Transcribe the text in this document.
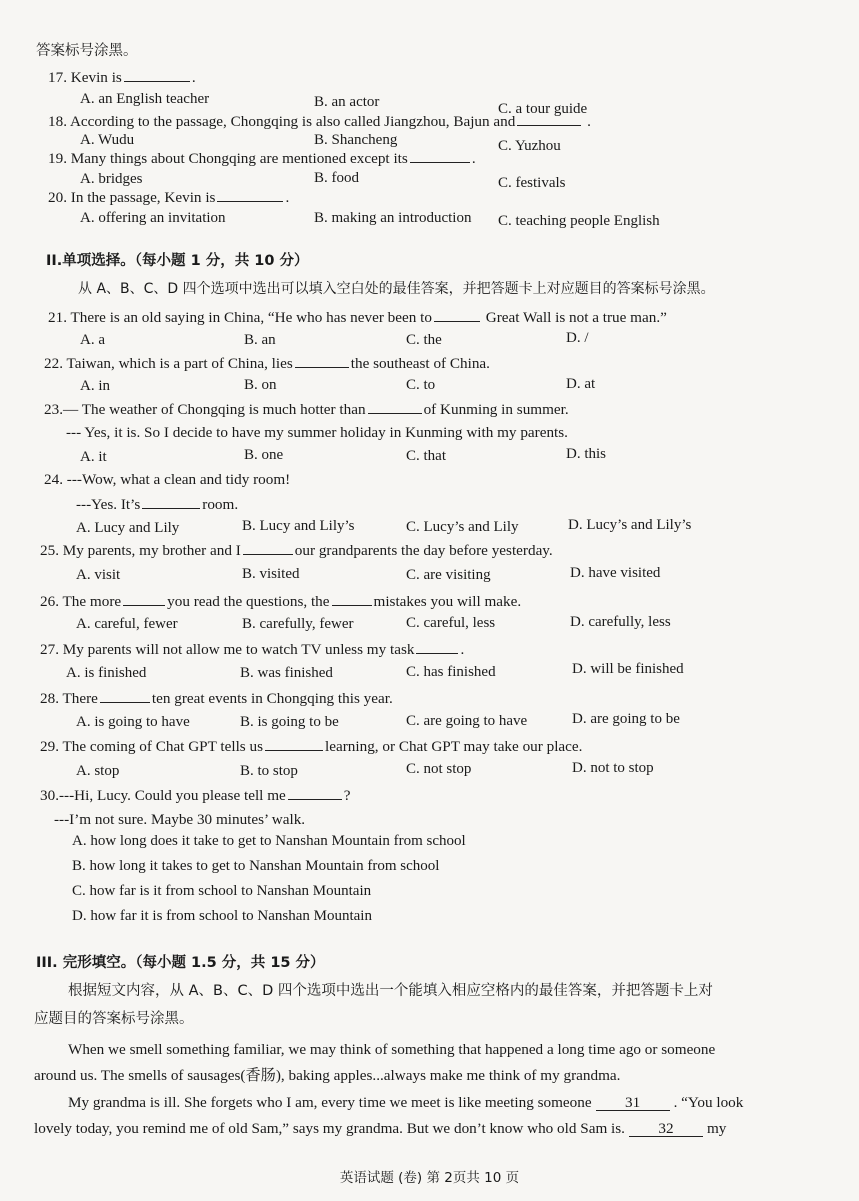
答案标号涂黑。
17. Kevin is	.
A. an English teacher	B. an actor	C. a tour guide
18. According to the passage, Chongqing is also called Jiangzhou, Bajun and	.
A. Wudu	B. Shancheng	C. Yuzhou
19. Many things about Chongqing are mentioned except its	.
A. bridges	B. food	C. festivals
20. In the passage, Kevin is	.
A. offering an invitation	B. making an introduction C. teaching people English
II.单项选择。（每小题 1 分，共 10 分）
从 A、B、C、D 四个选项中选出可以填入空白处的最佳答案，并把答题卡上对应题目的答案标号涂黑。
21. There is an old saying in China, “He who has never been to	Great Wall is not a true man.”
A. a	B. an	C. the	D. /
22. Taiwan, which is a part of China, lies	the southeast of China.
A. in	B. on	C. to	D. at
23.— The weather of Chongqing is much hotter than	of Kunming in summer.
--- Yes, it is. So I decide to have my summer holiday in Kunming with my parents.
A. it	B. one	C. that	D. this
24. ---Wow, what a clean and tidy room!
---Yes. It’s	room.
A. Lucy and Lily	B. Lucy and Lily’s	C. Lucy’s and Lily	D. Lucy’s and Lily’s
25. My parents, my brother and I	our grandparents the day before yesterday.
A. visit	B. visited	C. are visiting	D. have visited
26. The more	you read the questions, the	mistakes you will make.
A. careful, fewer	B. carefully, fewer	C. careful, less	D. carefully, less
27. My parents will not allow me to watch TV unless my task	.
A. is finished	B. was finished	C. has finished	D. will be finished
28. There	ten great events in Chongqing this year.
A. is going to have	B. is going to be	C. are going to have	D. are going to be
29. The coming of Chat GPT tells us	learning, or Chat GPT may take our place.
A. stop	B. to stop	C. not stop	D. not to stop
30.---Hi, Lucy. Could you please tell me	?
---I’m not sure. Maybe 30 minutes’ walk.
A. how long does it take to get to Nanshan Mountain from school
B. how long it takes to get to Nanshan Mountain from school
C. how far is it from school to Nanshan Mountain
D. how far it is from school to Nanshan Mountain
III. 完形填空。（每小题 1.5 分，共 15 分）
根据短文内容，从 A、B、C、D 四个选项中选出一个能填入相应空格内的最佳答案，并把答题卡上对
应题目的答案标号涂黑。
When we smell something familiar, we may think of something that happened a long time ago or someone
around us. The smells of sausages(香肠), baking apples...always make me think of my grandma.
My grandma is ill. She forgets who I am, every time we meet is like meeting someone 31 . “You look
lovely today, you remind me of old Sam,” says my grandma. But we don’t know who old Sam is. 32 my
英语试题 (卷) 第 2页共 10 页
